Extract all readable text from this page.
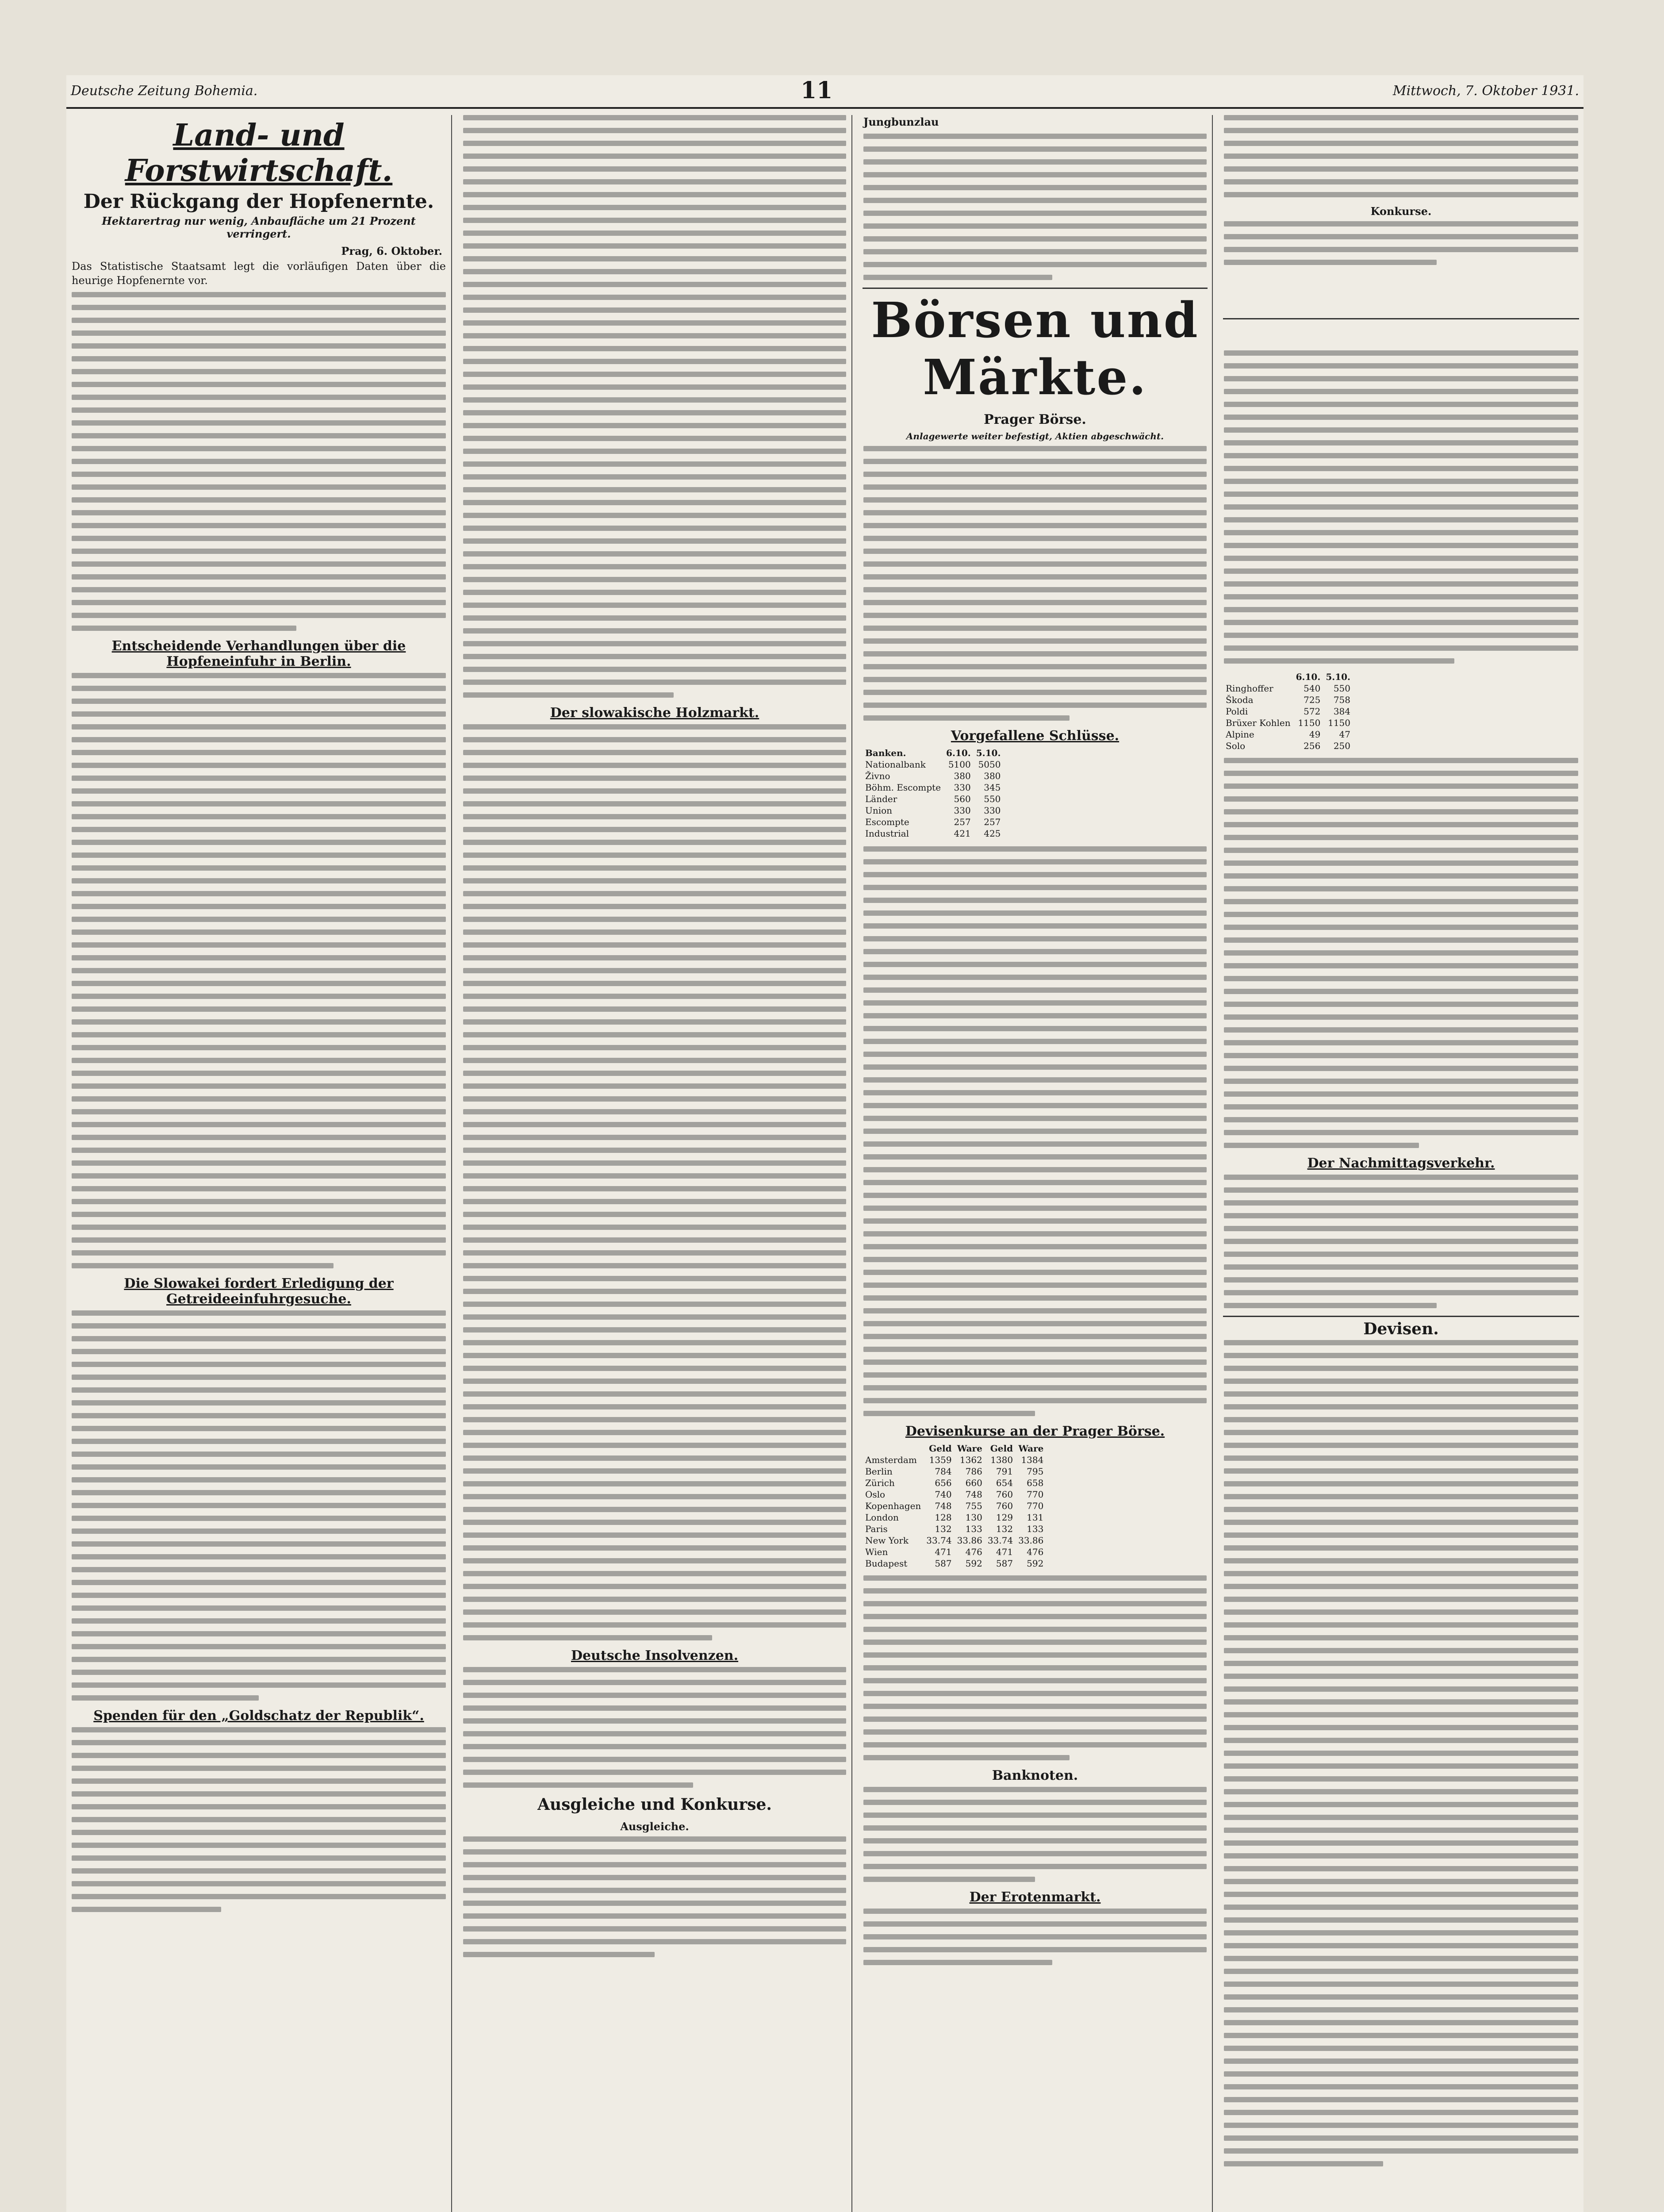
Deutsche Zeitung Bohemia.	11	Mittwoch, 7. Oktober 1931.
Land- und Forstwirtschaft.
Der Rückgang der Hopfenernte.
Hektarertrag nur wenig, Anbaufläche um 21 Prozent verringert.
Prag, 6. Oktober.
Das Statistische Staatsamt legt die vorläufigen Daten über die heurige Hopfenernte vor.
Entscheidende Verhandlungen über die Hopfeneinfuhr in Berlin.
Die Slowakei fordert Erledigung der Getreideeinfuhrgesuche.
Spenden für den „Goldschatz der Republik“.
Der slowakische Holzmarkt.
Deutsche Insolvenzen.
Ausgleiche und Konkurse.
Ausgleiche.
Jungbunzlau
Börsen und Märkte.
Prager Börse.
Anlagewerte weiter befestigt, Aktien abgeschwächt.
Vorgefallene Schlüsse.
Banken.	6.10.	5.10.
Nationalbank	5100	5050
Živno	380	380
Böhm. Escompte	330	345
Länder	560	550
Union	330	330
Escompte	257	257
Industrial	421	425
Devisenkurse an der Prager Börse.
	Geld	Ware	Geld	Ware
Amsterdam	1359	1362	1380	1384
Berlin	784	786	791	795
Zürich	656	660	654	658
Oslo	740	748	760	770
Kopenhagen	748	755	760	770
London	128	130	129	131
Paris	132	133	132	133
New York	33.74	33.86	33.74	33.86
Wien	471	476	471	476
Budapest	587	592	587	592
Banknoten.
Der Erotenmarkt.
Konkurse.
	6.10.	5.10.
Ringhoffer	540	550
Škoda	725	758
Poldi	572	384
Brüxer Kohlen	1150	1150
Alpine	49	47
Solo	256	250
Der Nachmittagsverkehr.
Devisen.
